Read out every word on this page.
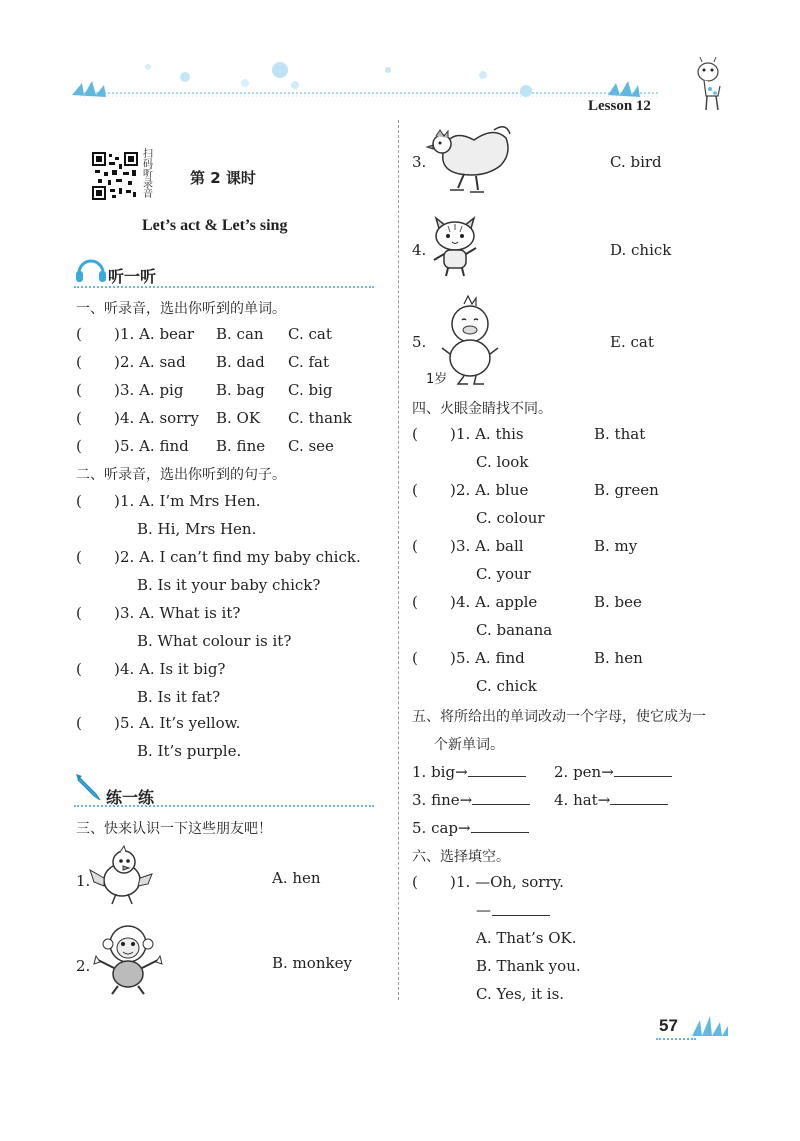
Lesson 12
扫码听录音
第 2 课时
Let’s act & Let’s sing
听一听
一、听录音，选出你听到的单词。
( ) 1. A. bear B. can C. cat
( ) 2. A. sad B. dad C. fat
( ) 3. A. pig B. bag C. big
( ) 4. A. sorry B. OK C. thank
( ) 5. A. find B. fine C. see
二、听录音，选出你听到的句子。
( ) 1. A. I’m Mrs Hen.
B. Hi, Mrs Hen.
( ) 2. A. I can’t find my baby chick.
B. Is it your baby chick?
( ) 3. A. What is it?
B. What colour is it?
( ) 4. A. Is it big?
B. Is it fat?
( ) 5. A. It’s yellow.
B. It’s purple.
练一练
三、快来认识一下这些朋友吧！
1.	A. hen
2.	B. monkey
3.	C. bird
4.	D. chick
5.
1岁
E. cat
四、火眼金睛找不同。
( ) 1. A. this	B. that
C. look
( ) 2. A. blue	B. green
C. colour
( ) 3. A. ball	B. my
C. your
( ) 4. A. apple	B. bee
C. banana
( ) 5. A. find	B. hen
C. chick
五、将所给出的单词改动一个字母，使它成为一
个新单词。
1. big→	2. pen→
3. fine→	4. hat→
5. cap→
六、选择填空。
( ) 1. —Oh, sorry.
—
A. That’s OK.
B. Thank you.
C. Yes, it is.
57
